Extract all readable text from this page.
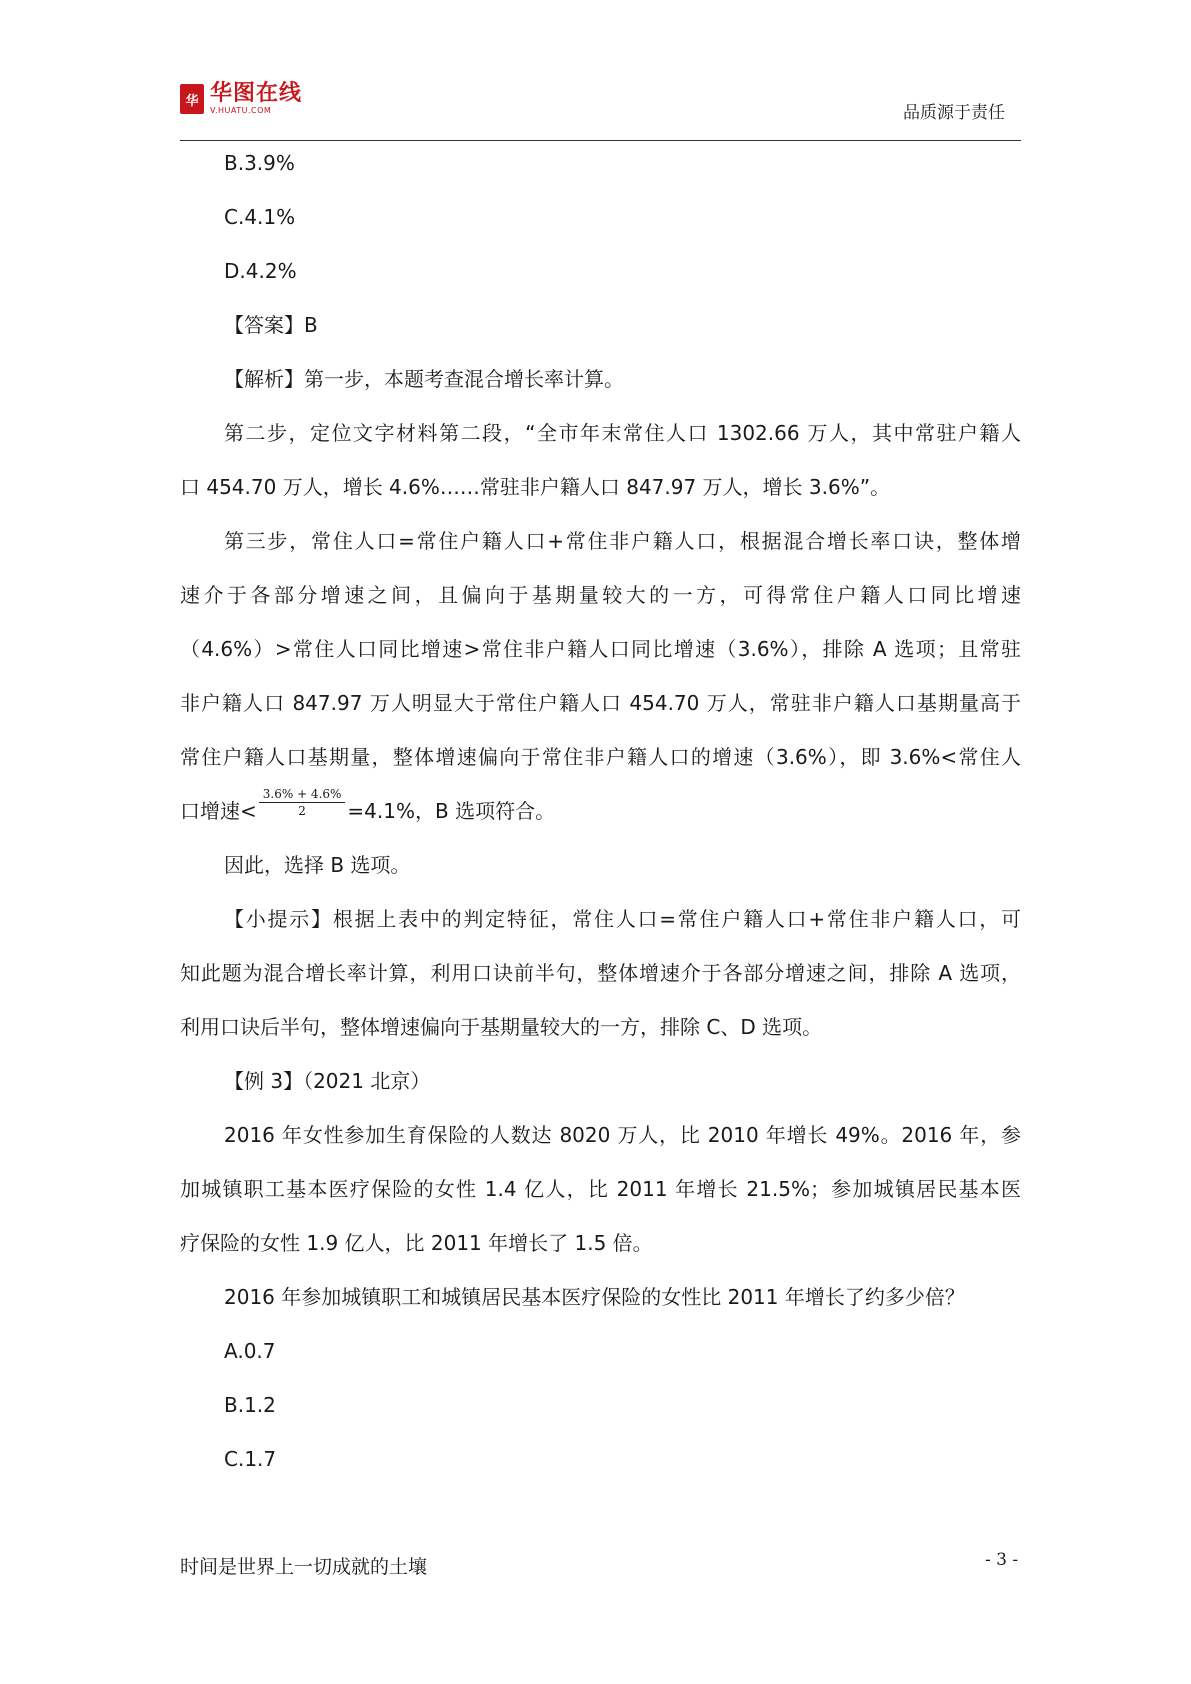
华 华图在线
V.HUATU.COM	品质源于责任
B.3.9%
C.4.1%
D.4.2%
【答案】B
【解析】第一步，本题考查混合增长率计算。
第二步，定位文字材料第二段，“全市年末常住人口 1302.66 万人，其中常驻户籍人
口 454.70 万人，增长 4.6%……常驻非户籍人口 847.97 万人，增长 3.6%”。
第三步，常住人口=常住户籍人口+常住非户籍人口，根据混合增长率口诀，整体增
速介于各部分增速之间，且偏向于基期量较大的一方，可得常住户籍人口同比增速
（4.6%）>常住人口同比增速>常住非户籍人口同比增速（3.6%），排除 A 选项；且常驻
非户籍人口 847.97 万人明显大于常住户籍人口 454.70 万人，常驻非户籍人口基期量高于
常住户籍人口基期量，整体增速偏向于常住非户籍人口的增速（3.6%），即 3.6%<常住人
口增速< $\frac{3.6\% + 4.6\%}{2} =4.1\%$，B 选项符合。
因此，选择 B 选项。
【小提示】根据上表中的判定特征，常住人口=常住户籍人口+常住非户籍人口，可
知此题为混合增长率计算，利用口诀前半句，整体增速介于各部分增速之间，排除 A 选项，
利用口诀后半句，整体增速偏向于基期量较大的一方，排除 C、D 选项。
【例 3】（2021 北京）
2016 年女性参加生育保险的人数达 8020 万人，比 2010 年增长 49%。2016 年，参
加城镇职工基本医疗保险的女性 1.4 亿人，比 2011 年增长 21.5%；参加城镇居民基本医
疗保险的女性 1.9 亿人，比 2011 年增长了 1.5 倍。
2016 年参加城镇职工和城镇居民基本医疗保险的女性比 2011 年增长了约多少倍？
A.0.7
B.1.2
C.1.7
时间是世界上一切成就的土壤	- 3 -
